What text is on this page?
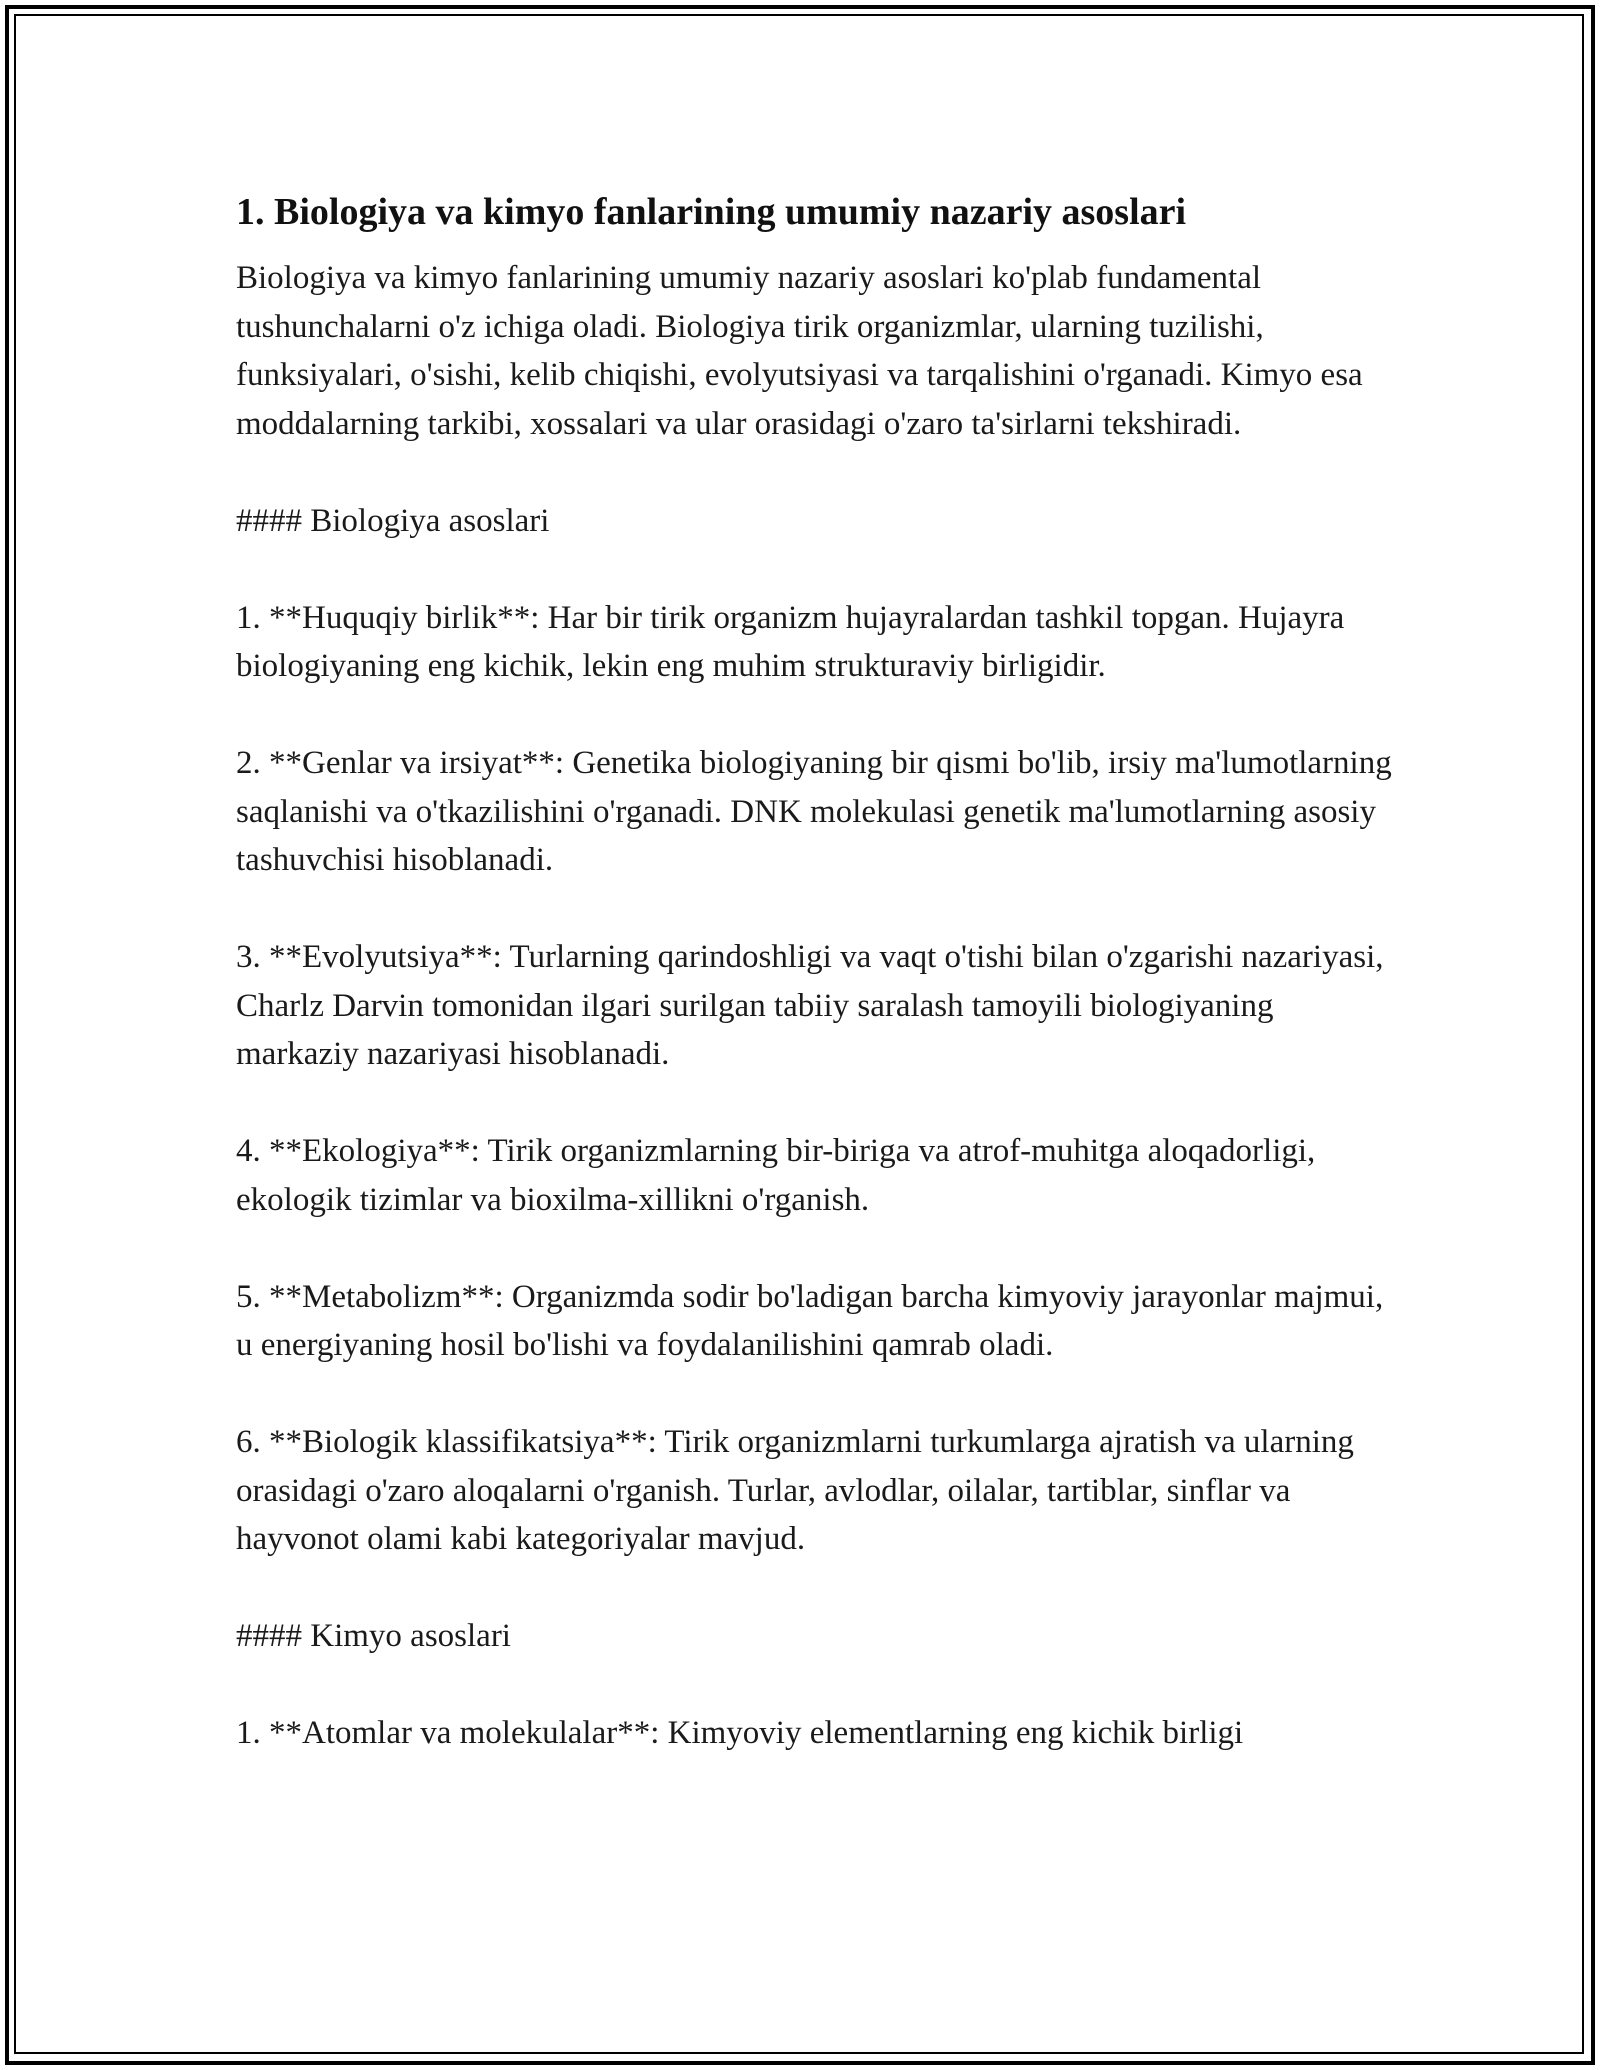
1. Biologiya va kimyo fanlarining umumiy nazariy asoslari

Biologiya va kimyo fanlarining umumiy nazariy asoslari ko'plab fundamental tushunchalarni o'z ichiga oladi. Biologiya tirik organizmlar, ularning tuzilishi, funksiyalari, o'sishi, kelib chiqishi, evolyutsiyasi va tarqalishini o'rganadi. Kimyo esa moddalarning tarkibi, xossalari va ular orasidagi o'zaro ta'sirlarni tekshiradi.

#### Biologiya asoslari

1. **Huquqiy birlik**: Har bir tirik organizm hujayralardan tashkil topgan. Hujayra biologiyaning eng kichik, lekin eng muhim strukturaviy birligidir.

2. **Genlar va irsiyat**: Genetika biologiyaning bir qismi bo'lib, irsiy ma'lumotlarning saqlanishi va o'tkazilishini o'rganadi. DNK molekulasi genetik ma'lumotlarning asosiy tashuvchisi hisoblanadi.

3. **Evolyutsiya**: Turlarning qarindoshligi va vaqt o'tishi bilan o'zgarishi nazariyasi, Charlz Darvin tomonidan ilgari surilgan tabiiy saralash tamoyili biologiyaning markaziy nazariyasi hisoblanadi.

4. **Ekologiya**: Tirik organizmlarning bir-biriga va atrof-muhitga aloqadorligi, ekologik tizimlar va bioxilma-xillikni o'rganish.

5. **Metabolizm**: Organizmda sodir bo'ladigan barcha kimyoviy jarayonlar majmui, u energiyaning hosil bo'lishi va foydalanilishini qamrab oladi.

6. **Biologik klassifikatsiya**: Tirik organizmlarni turkumlarga ajratish va ularning orasidagi o'zaro aloqalarni o'rganish. Turlar, avlodlar, oilalar, tartiblar, sinflar va hayvonot olami kabi kategoriyalar mavjud.

#### Kimyo asoslari

1. **Atomlar va molekulalar**: Kimyoviy elementlarning eng kichik birligi
